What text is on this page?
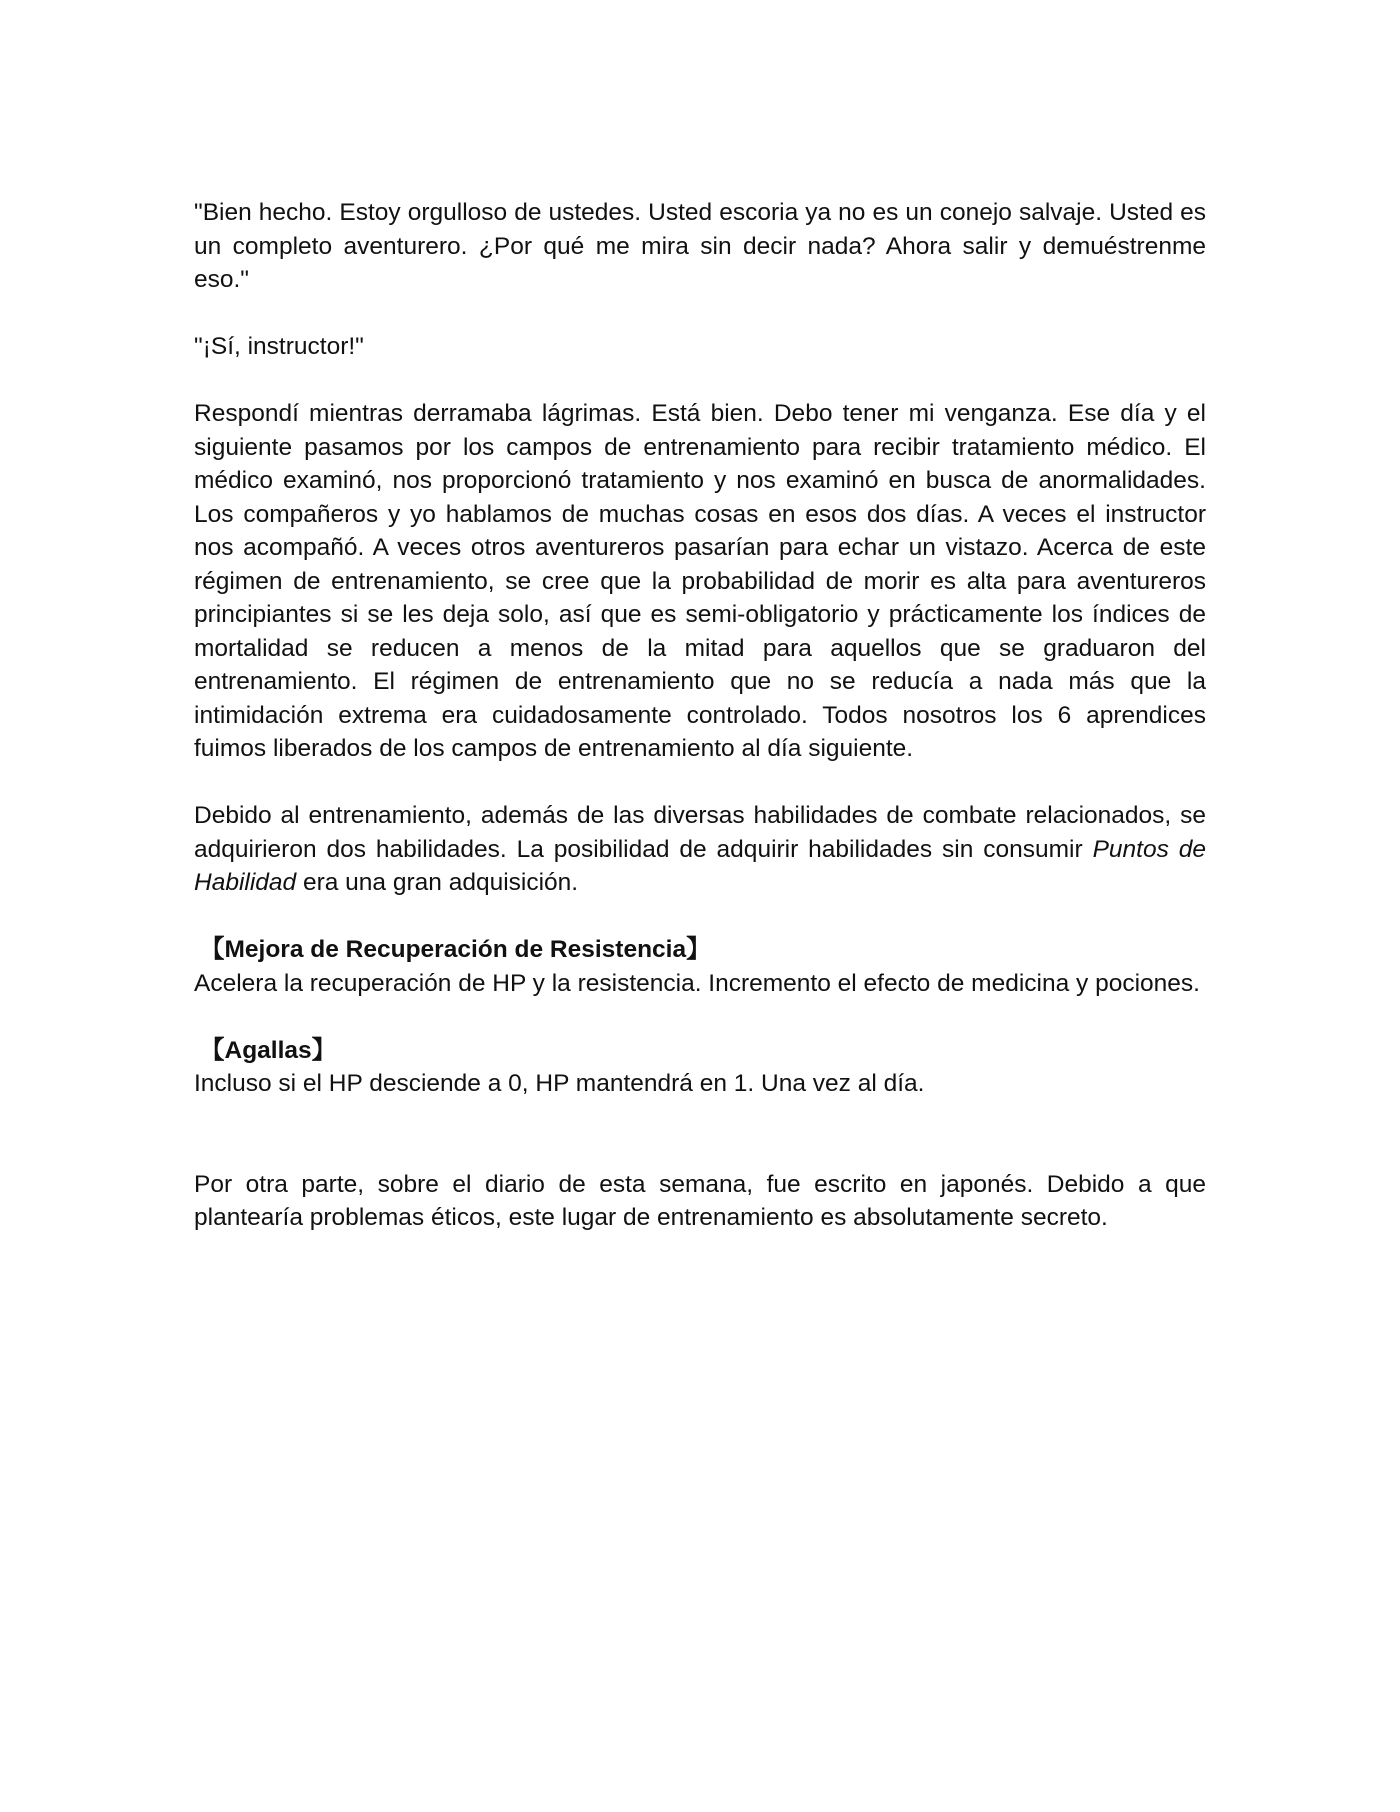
"Bien hecho. Estoy orgulloso de ustedes. Usted escoria ya no es un conejo salvaje. Usted es un completo aventurero. ¿Por qué me mira sin decir nada? Ahora salir y demuéstrenme eso."

"¡Sí, instructor!"

Respondí mientras derramaba lágrimas. Está bien. Debo tener mi venganza. Ese día y el siguiente pasamos por los campos de entrenamiento para recibir tratamiento médico. El médico examinó, nos proporcionó tratamiento y nos examinó en busca de anormalidades. Los compañeros y yo hablamos de muchas cosas en esos dos días. A veces el instructor nos acompañó. A veces otros aventureros pasarían para echar un vistazo. Acerca de este régimen de entrenamiento, se cree que la probabilidad de morir es alta para aventureros principiantes si se les deja solo, así que es semi-obligatorio y prácticamente los índices de mortalidad se reducen a menos de la mitad para aquellos que se graduaron del entrenamiento. El régimen de entrenamiento que no se reducía a nada más que la intimidación extrema era cuidadosamente controlado. Todos nosotros los 6 aprendices fuimos liberados de los campos de entrenamiento al día siguiente.

Debido al entrenamiento, además de las diversas habilidades de combate relacionados, se adquirieron dos habilidades. La posibilidad de adquirir habilidades sin consumir Puntos de Habilidad era una gran adquisición.

【Mejora de Recuperación de Resistencia】

Acelera la recuperación de HP y la resistencia. Incremento el efecto de medicina y pociones.

【Agallas】

Incluso si el HP desciende a 0, HP mantendrá en 1. Una vez al día.

Por otra parte, sobre el diario de esta semana, fue escrito en japonés. Debido a que plantearía problemas éticos, este lugar de entrenamiento es absolutamente secreto.
